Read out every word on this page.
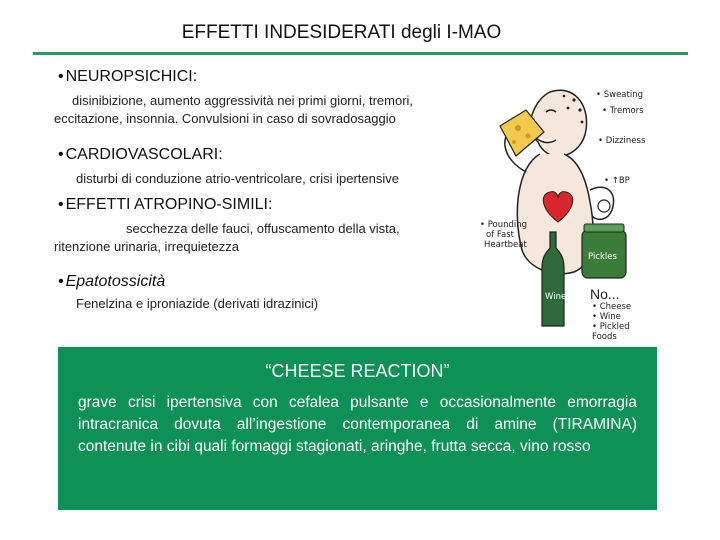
EFFETTI INDESIDERATI degli I-MAO
• NEUROPSICHICI:
disinibizione, aumento aggressività nei primi giorni, tremori,
eccitazione, insonnia. Convulsioni in caso di sovradosaggio
• CARDIOVASCOLARI:
disturbi di conduzione atrio-ventricolare, crisi ipertensive
• EFFETTI ATROPINO-SIMILI:
secchezza delle fauci, offuscamento della vista,
ritenzione urinaria, irrequietezza
• Epatotossicità
Fenelzina e iproniazide (derivati idrazinici)
• Sweating
• Tremors
• Dizziness
• ↑BP
• Pounding
of Fast
Heartbeat
Pickles
Wine No...
• Cheese
• Wine
• Pickled Foods
“CHEESE REACTION”
grave crisi ipertensiva con cefalea pulsante e occasionalmente emorragia intracranica dovuta all’ingestione contemporanea di amine (TIRAMINA) contenute in cibi quali formaggi stagionati, aringhe, frutta secca, vino rosso
